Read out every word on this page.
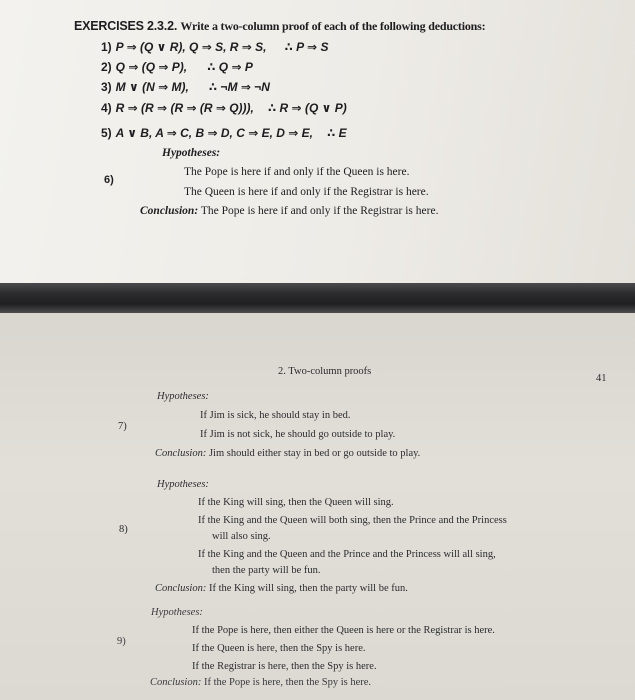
EXERCISES 2.3.2. Write a two-column proof of each of the following deductions:
1) P ⇒ (Q ∨ R), Q ⇒ S, R ⇒ S, ∴ P ⇒ S
2) Q ⇒ (Q ⇒ P), ∴ Q ⇒ P
3) M ∨ (N ⇒ M), ∴ ¬M ⇒ ¬N
4) R ⇒ (R ⇒ (R ⇒ (R ⇒ Q))), ∴ R ⇒ (Q ∨ P)
5) A ∨ B, A ⇒ C, B ⇒ D, C ⇒ E, D ⇒ E, ∴ E
6)
Hypotheses:
The Pope is here if and only if the Queen is here.
The Queen is here if and only if the Registrar is here.
Conclusion: The Pope is here if and only if the Registrar is here.
2. Two-column proofs
41
7)
Hypotheses:
If Jim is sick, he should stay in bed.
If Jim is not sick, he should go outside to play.
Conclusion: Jim should either stay in bed or go outside to play.
8)
Hypotheses:
If the King will sing, then the Queen will sing.
If the King and the Queen will both sing, then the Prince and the Princess
will also sing.
If the King and the Queen and the Prince and the Princess will all sing,
then the party will be fun.
Conclusion: If the King will sing, then the party will be fun.
9)
Hypotheses:
If the Pope is here, then either the Queen is here or the Registrar is here.
If the Queen is here, then the Spy is here.
If the Registrar is here, then the Spy is here.
Conclusion: If the Pope is here, then the Spy is here.
